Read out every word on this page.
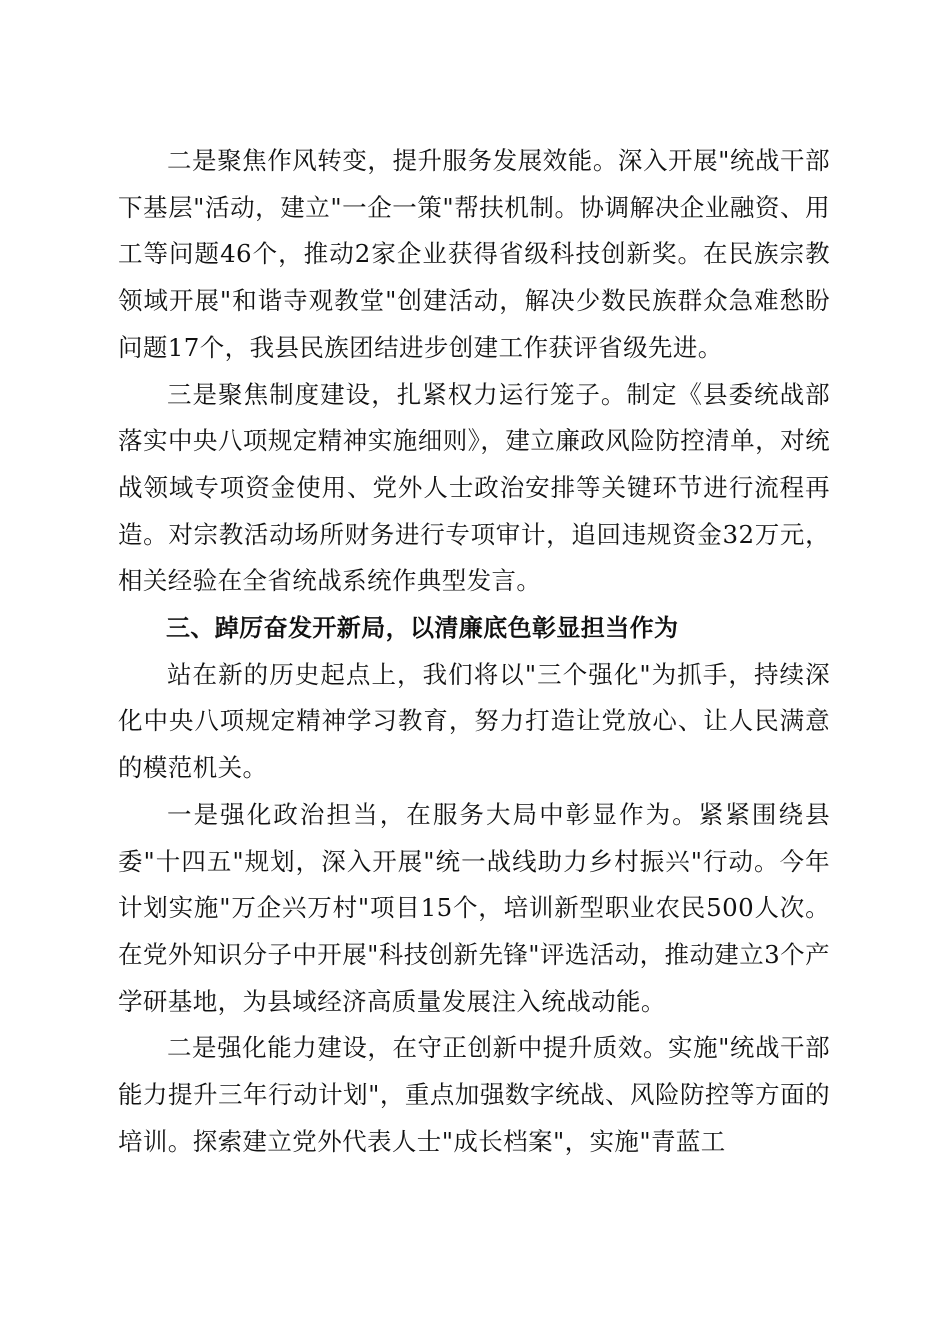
二是聚焦作风转变，提升服务发展效能。深入开展"统战干部下基层"活动，建立"一企一策"帮扶机制。协调解决企业融资、用工等问题46个，推动2家企业获得省级科技创新奖。在民族宗教领域开展"和谐寺观教堂"创建活动，解决少数民族群众急难愁盼问题17个，我县民族团结进步创建工作获评省级先进。

三是聚焦制度建设，扎紧权力运行笼子。制定《县委统战部落实中央八项规定精神实施细则》，建立廉政风险防控清单，对统战领域专项资金使用、党外人士政治安排等关键环节进行流程再造。对宗教活动场所财务进行专项审计，追回违规资金32万元，相关经验在全省统战系统作典型发言。

三、踔厉奋发开新局，以清廉底色彰显担当作为

站在新的历史起点上，我们将以"三个强化"为抓手，持续深化中央八项规定精神学习教育，努力打造让党放心、让人民满意的模范机关。

一是强化政治担当，在服务大局中彰显作为。紧紧围绕县委"十四五"规划，深入开展"统一战线助力乡村振兴"行动。今年计划实施"万企兴万村"项目15个，培训新型职业农民500人次。在党外知识分子中开展"科技创新先锋"评选活动，推动建立3个产学研基地，为县域经济高质量发展注入统战动能。

二是强化能力建设，在守正创新中提升质效。实施"统战干部能力提升三年行动计划"，重点加强数字统战、风险防控等方面的培训。探索建立党外代表人士"成长档案"，实施"青蓝工
